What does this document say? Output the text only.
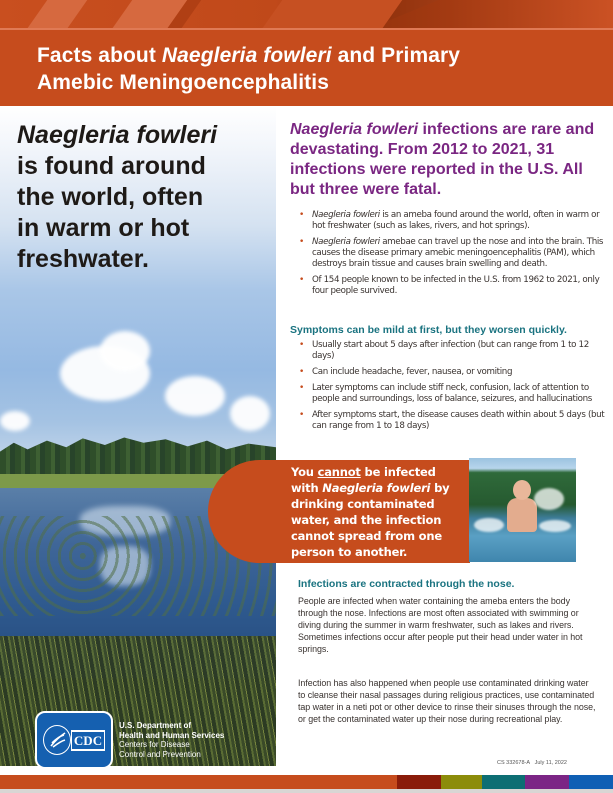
Facts about Naegleria fowleri and Primary
Amebic Meningoencephalitis
Naegleria fowleri
is found around
the world, often
in warm or hot
freshwater.
CDC
U.S. Department of
Health and Human Services
Centers for Disease
Control and Prevention
Naegleria fowleri infections are rare and devastating. From 2012 to 2021, 31 infections were reported in the U.S. All but three were fatal.
• Naegleria fowleri is an ameba found around the world, often in warm or hot freshwater (such as lakes, rivers, and hot springs).
• Naegleria fowleri amebae can travel up the nose and into the brain. This causes the disease primary amebic meningoencephalitis (PAM), which destroys brain tissue and causes brain swelling and death.
• Of 154 people known to be infected in the U.S. from 1962 to 2021, only four people survived.
Symptoms can be mild at first, but they worsen quickly.
• Usually start about 5 days after infection (but can range from 1 to 12 days)
• Can include headache, fever, nausea, or vomiting
• Later symptoms can include stiff neck, confusion, lack of attention to people and surroundings, loss of balance, seizures, and hallucinations
• After symptoms start, the disease causes death within about 5 days (but can range from 1 to 18 days)
Infections are contracted through the nose.
People are infected when water containing the ameba enters the body through the nose. Infections are most often associated with swimming or diving during the summer in warm freshwater, such as lakes and rivers. Sometimes infections occur after people put their head under water in hot springs.
Infection has also happened when people use contaminated drinking water to cleanse their nasal passages during religious practices, use contaminated tap water in a neti pot or other device to rinse their sinuses through the nose, or get the contaminated water up their nose during recreational play.
You cannot be infected with Naegleria fowleri by drinking contaminated water, and the infection cannot spread from one person to another.
CS 332678-A July 11, 2022
